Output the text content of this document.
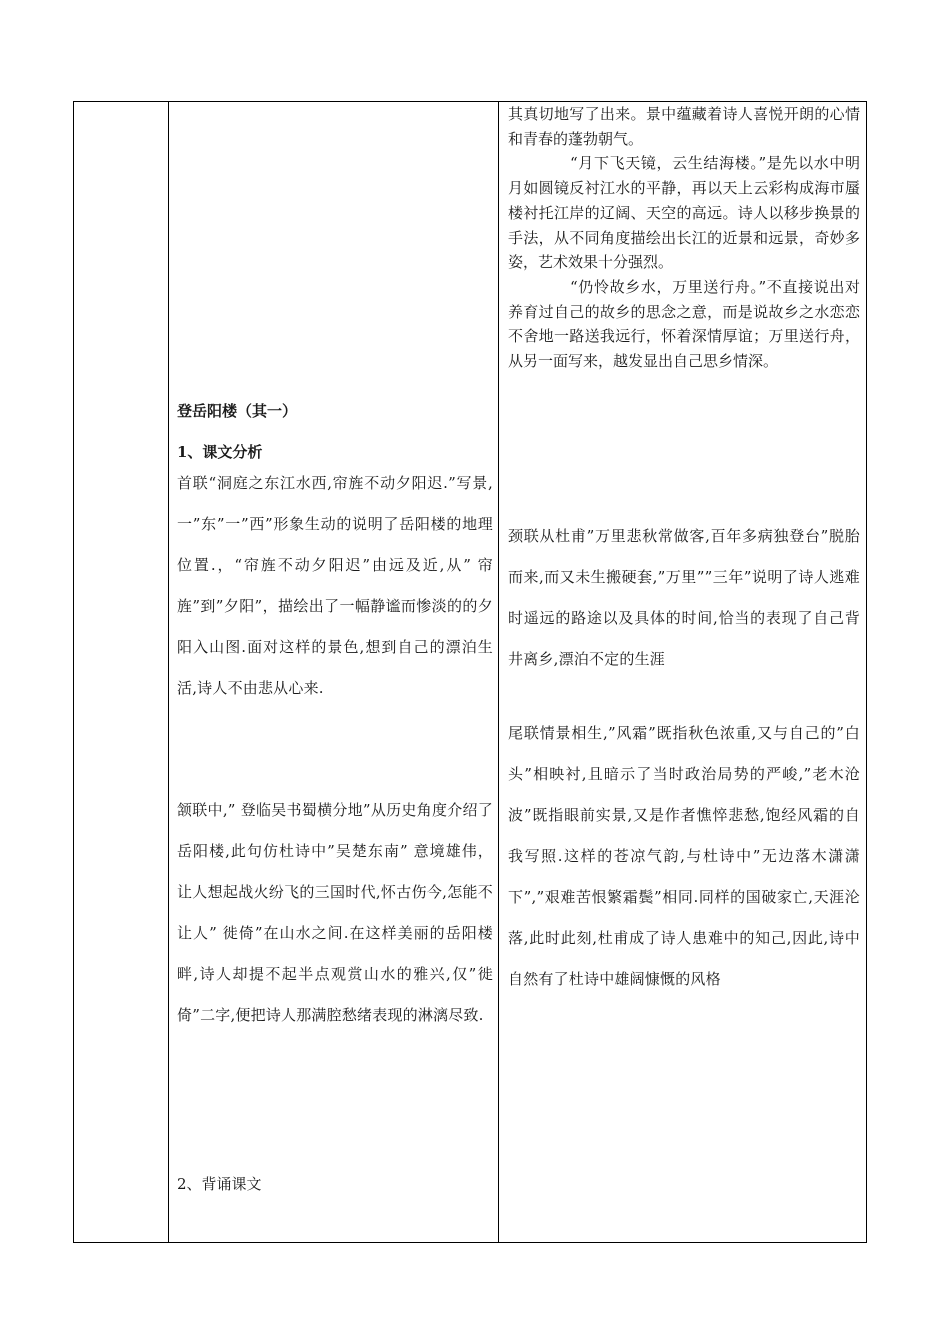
其真切地写了出来。景中蕴藏着诗人喜悦开朗的心情和青春的蓬勃朝气。

“月下飞天镜，云生结海楼。”是先以水中明月如圆镜反衬江水的平静，再以天上云彩构成海市蜃楼衬托江岸的辽阔、天空的高远。诗人以移步换景的手法，从不同角度描绘出长江的近景和远景，奇妙多姿，艺术效果十分强烈。

“仍怜故乡水，万里送行舟。”不直接说出对养育过自己的故乡的思念之意，而是说故乡之水恋恋不舍地一路送我远行，怀着深情厚谊；万里送行舟，从另一面写来，越发显出自己思乡情深。

登岳阳楼（其一）
1、课文分析

首联“洞庭之东江水西,帘旌不动夕阳迟.”写景,一”东”一”西”形象生动的说明了岳阳楼的地理位置.，“帘旌不动夕阳迟”由远及近,从” 帘旌”到”夕阳”，描绘出了一幅静谧而惨淡的的夕阳入山图.面对这样的景色,想到自己的漂泊生活,诗人不由悲从心来.

颔联中,” 登临吴书蜀横分地”从历史角度介绍了岳阳楼,此句仿杜诗中”吴楚东南” 意境雄伟， 让人想起战火纷飞的三国时代,怀古伤今,怎能不让人” 徙倚”在山水之间.在这样美丽的岳阳楼畔,诗人却提不起半点观赏山水的雅兴,仅”徙倚”二字,便把诗人那满腔愁绪表现的淋漓尽致.

2、背诵课文

颈联从杜甫”万里悲秋常做客,百年多病独登台”脱胎而来,而又未生搬硬套,”万里””三年”说明了诗人逃难时遥远的路途以及具体的时间,恰当的表现了自己背井离乡,漂泊不定的生涯

尾联情景相生,”风霜”既指秋色浓重,又与自己的”白头”相映衬,且暗示了当时政治局势的严峻,”老木沧波”既指眼前实景,又是作者憔悴悲愁,饱经风霜的自我写照.这样的苍凉气韵,与杜诗中”无边落木潇潇下”,”艰难苦恨繁霜鬓”相同.同样的国破家亡,天涯沦落,此时此刻,杜甫成了诗人患难中的知己,因此,诗中自然有了杜诗中雄阔慷慨的风格
